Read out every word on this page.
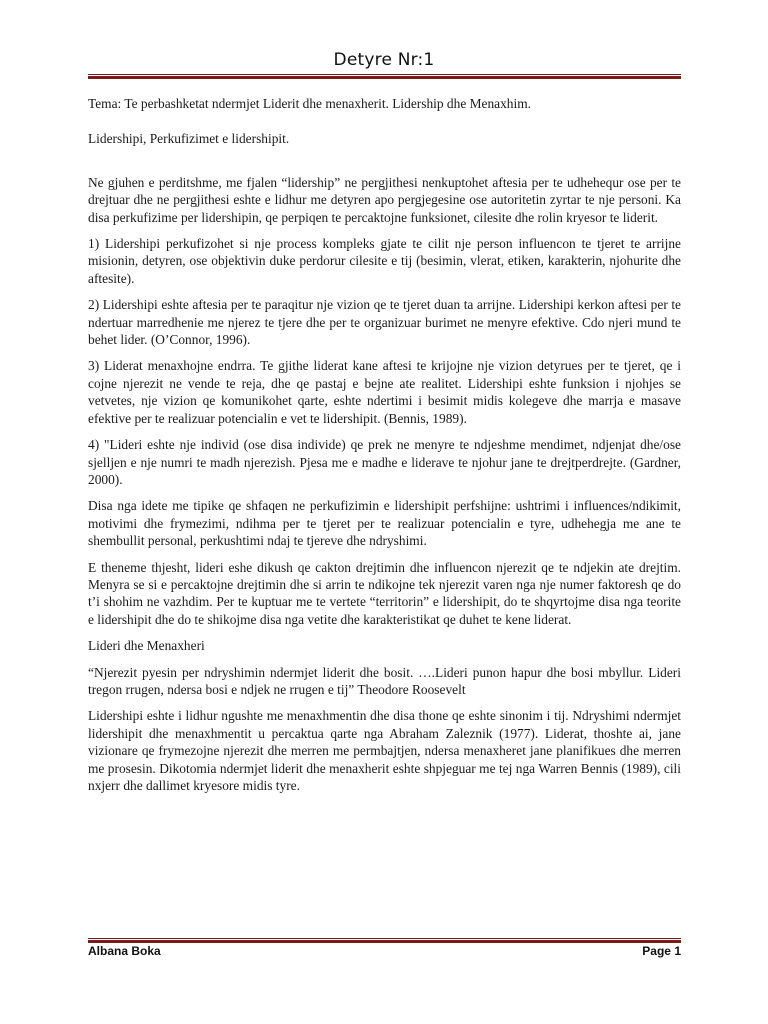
Detyre Nr:1

Tema: Te perbashketat ndermjet Liderit dhe menaxherit. Lidership dhe Menaxhim.

Lidershipi, Perkufizimet e lidershipit.

Ne gjuhen e perditshme, me fjalen “lidership” ne pergjithesi nenkuptohet aftesia per te udhehequr ose per te drejtuar dhe ne pergjithesi eshte e lidhur me detyren apo pergjegesine ose autoritetin zyrtar te nje personi. Ka disa perkufizime per lidershipin, qe perpiqen te percaktojne funksionet, cilesite dhe rolin kryesor te liderit.

1) Lidershipi perkufizohet si nje process kompleks gjate te cilit nje person influencon te tjeret te arrijne misionin, detyren, ose objektivin duke perdorur cilesite e tij (besimin, vlerat, etiken, karakterin, njohurite dhe aftesite).

2) Lidershipi eshte aftesia per te paraqitur nje vizion qe te tjeret duan ta arrijne. Lidershipi kerkon aftesi per te ndertuar marredhenie me njerez te tjere dhe per te organizuar burimet ne menyre efektive. Cdo njeri mund te behet lider. (O’Connor, 1996).

3) Liderat menaxhojne endrra. Te gjithe liderat kane aftesi te krijojne nje vizion detyrues per te tjeret, qe i cojne njerezit ne vende te reja, dhe qe pastaj e bejne ate realitet. Lidershipi eshte funksion i njohjes se vetvetes, nje vizion qe komunikohet qarte, eshte ndertimi i besimit midis kolegeve dhe marrja e masave efektive per te realizuar potencialin e vet te lidershipit. (Bennis, 1989).

4) "Lideri eshte nje individ (ose disa individe) qe prek ne menyre te ndjeshme mendimet, ndjenjat dhe/ose sjelljen e nje numri te madh njerezish. Pjesa me e madhe e liderave te njohur jane te drejtperdrejte. (Gardner, 2000).

Disa nga idete me tipike qe shfaqen ne perkufizimin e lidershipit perfshijne: ushtrimi i influences/ndikimit, motivimi dhe frymezimi, ndihma per te tjeret per te realizuar potencialin e tyre, udhehegja me ane te shembullit personal, perkushtimi ndaj te tjereve dhe ndryshimi.

E theneme thjesht, lideri eshe dikush qe cakton drejtimin dhe influencon njerezit qe te ndjekin ate drejtim. Menyra se si e percaktojne drejtimin dhe si arrin te ndikojne tek njerezit varen nga nje numer faktoresh qe do t’i shohim ne vazhdim. Per te kuptuar me te vertete “territorin” e lidershipit, do te shqyrtojme disa nga teorite e lidershipit dhe do te shikojme disa nga vetite dhe karakteristikat qe duhet te kene liderat.

Lideri dhe Menaxheri

“Njerezit pyesin per ndryshimin ndermjet liderit dhe bosit. ….Lideri punon hapur dhe bosi mbyllur. Lideri tregon rrugen, ndersa bosi e ndjek ne rrugen e tij” Theodore Roosevelt

Lidershipi eshte i lidhur ngushte me menaxhmentin dhe disa thone qe eshte sinonim i tij. Ndryshimi ndermjet lidershipit dhe menaxhmentit u percaktua qarte nga Abraham Zaleznik (1977). Liderat, thoshte ai, jane vizionare qe frymezojne njerezit dhe merren me permbajtjen, ndersa menaxheret jane planifikues dhe merren me prosesin. Dikotomia ndermjet liderit dhe menaxherit eshte shpjeguar me tej nga Warren Bennis (1989), cili nxjerr dhe dallimet kryesore midis tyre.

Albana Boka	Page 1
